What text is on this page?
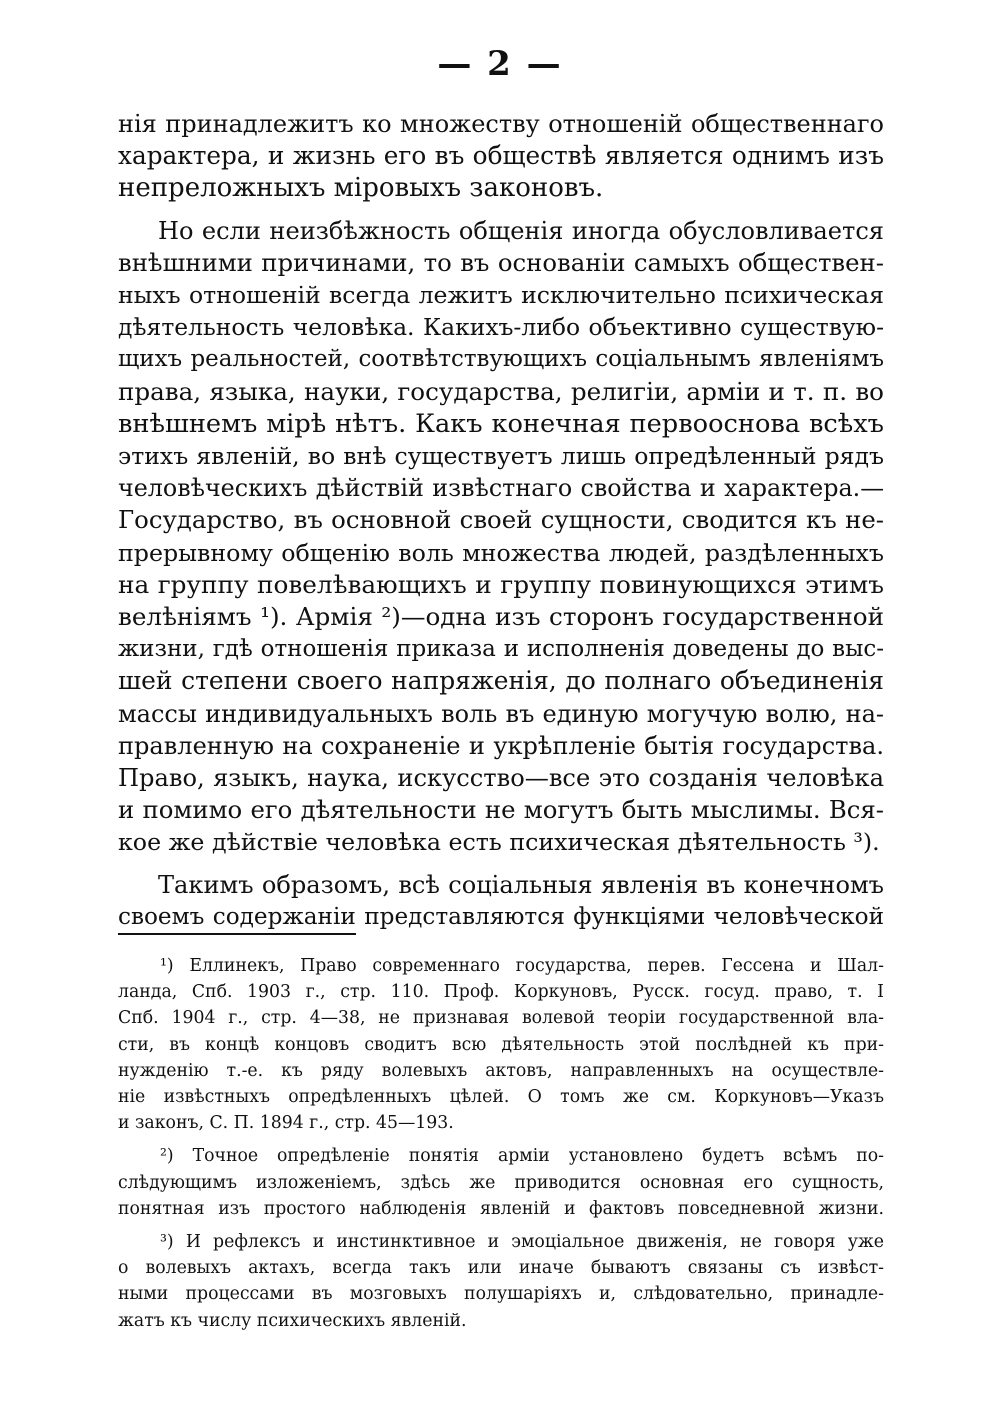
— 2 —
нія принадлежитъ ко множеству отношеній общественнаго
характера, и жизнь его въ обществѣ является однимъ изъ
непреложныхъ міровыхъ законовъ.
Но если неизбѣжность общенія иногда обусловливается
внѣшними причинами, то въ основаніи самыхъ обществен-
ныхъ отношеній всегда лежитъ исключительно психическая
дѣятельность человѣка. Какихъ-либо объективно существую-
щихъ реальностей, соотвѣтствующихъ соціальнымъ явленіямъ
права, языка, науки, государства, религіи, арміи и т. п. во
внѣшнемъ мірѣ нѣтъ. Какъ конечная первооснова всѣхъ
этихъ явленій, во внѣ существуетъ лишь опредѣленный рядъ
человѣческихъ дѣйствій извѣстнаго свойства и характера.—
Государство, въ основной своей сущности, сводится къ не-
прерывному общенію воль множества людей, раздѣленныхъ
на группу повелѣвающихъ и группу повинующихся этимъ
велѣніямъ ¹). Армія ²)—одна изъ сторонъ государственной
жизни, гдѣ отношенія приказа и исполненія доведены до выс-
шей степени своего напряженія, до полнаго объединенія
массы индивидуальныхъ воль въ единую могучую волю, на-
правленную на сохраненіе и укрѣпленіе бытія государства.
Право, языкъ, наука, искусство—все это созданія человѣка
и помимо его дѣятельности не могутъ быть мыслимы. Вся-
кое же дѣйствіе человѣка есть психическая дѣятельность ³).
Такимъ образомъ, всѣ соціальныя явленія въ конечномъ
своемъ содержаніи представляются функціями человѣческой
¹) Еллинекъ, Право современнаго государства, перев. Гессена и Шал-
ланда, Спб. 1903 г., стр. 110. Проф. Коркуновъ, Русск. госуд. право, т. I
Спб. 1904 г., стр. 4—38, не признавая волевой теоріи государственной вла-
сти, въ концѣ концовъ сводитъ всю дѣятельность этой послѣдней къ при-
нужденію т.-е. къ ряду волевыхъ актовъ, направленныхъ на осуществле-
ніе извѣстныхъ опредѣленныхъ цѣлей. О томъ же см. Коркуновъ—Указъ
и законъ, С. П. 1894 г., стр. 45—193.
²) Точное опредѣленіе понятія арміи установлено будетъ всѣмъ по-
слѣдующимъ изложеніемъ, здѣсь же приводится основная его сущность,
понятная изъ простого наблюденія явленій и фактовъ повседневной жизни.
³) И рефлексъ и инстинктивное и эмоціальное движенія, не говоря уже
о волевыхъ актахъ, всегда такъ или иначе бываютъ связаны съ извѣст-
ными процессами въ мозговыхъ полушаріяхъ и, слѣдовательно, принадле-
жатъ къ числу психическихъ явленій.
